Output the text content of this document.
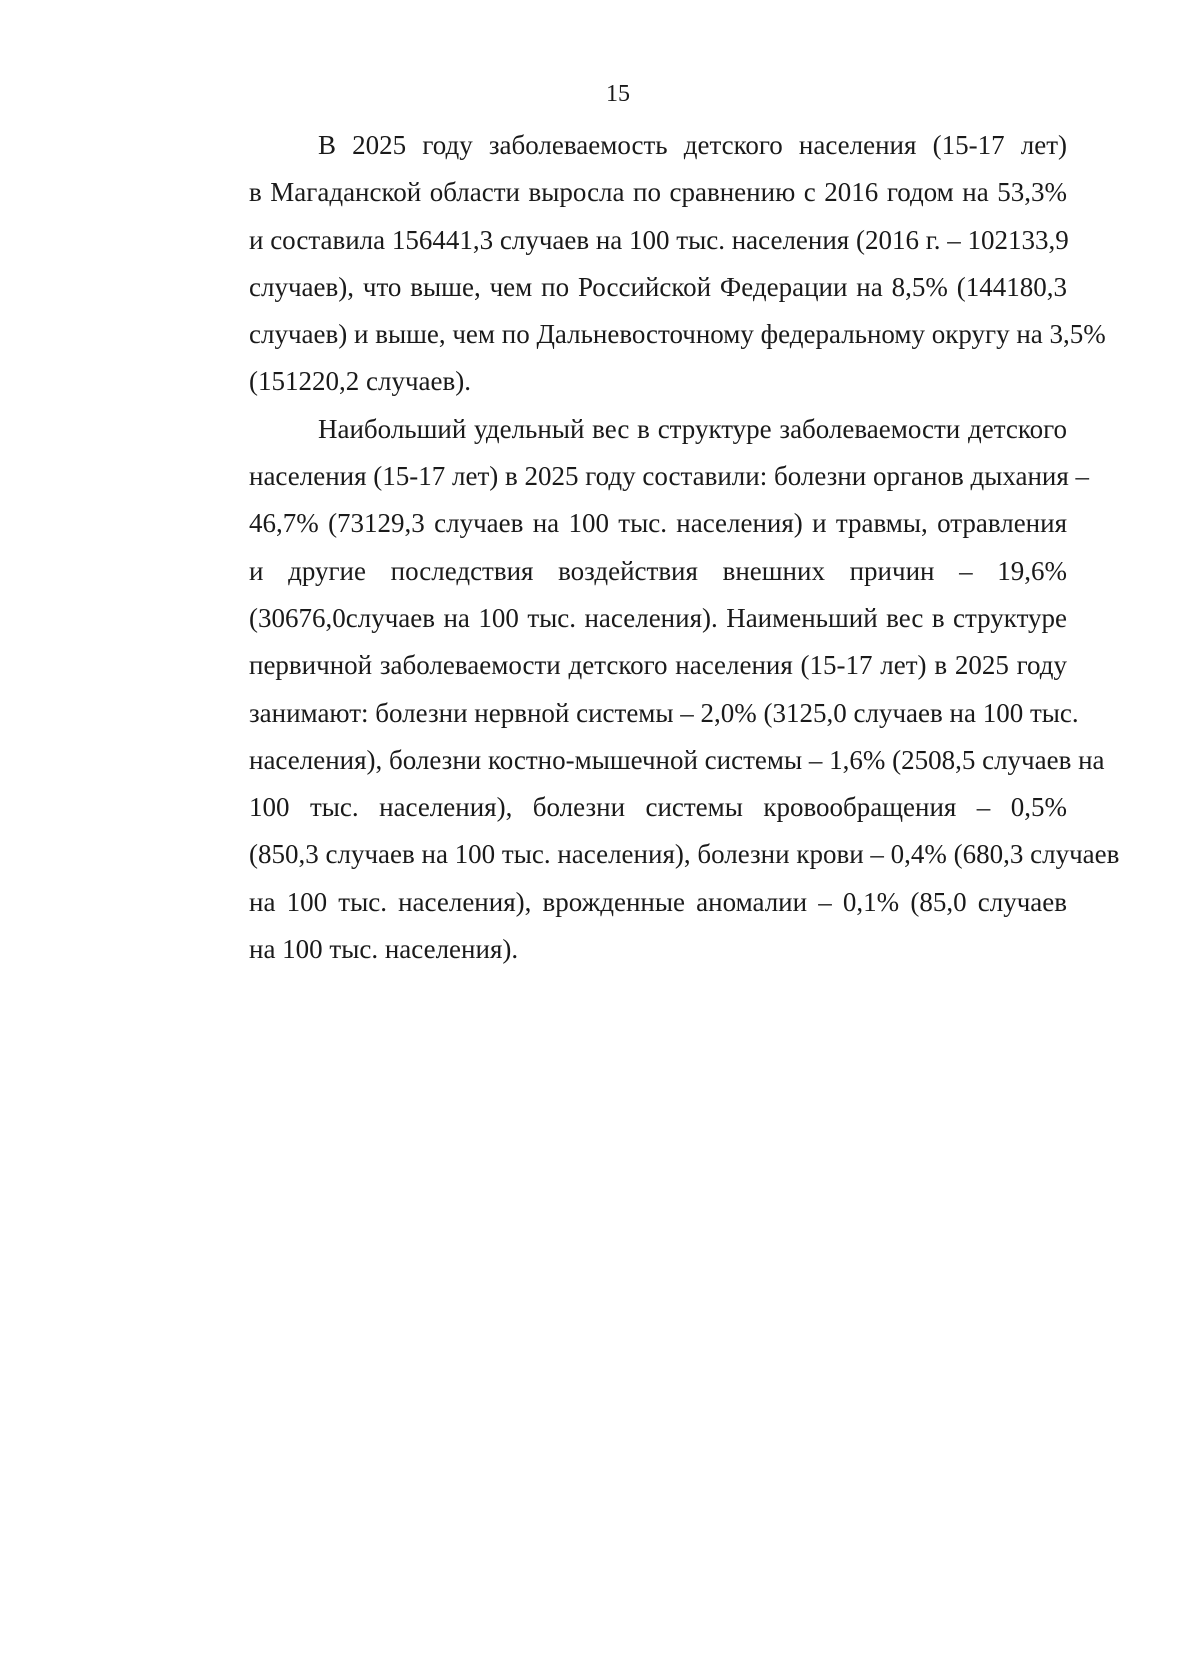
15
В 2025 году заболеваемость детского населения (15-17 лет)
в Магаданской области выросла по сравнению с 2016 годом на 53,3%
и составила 156441,3 случаев на 100 тыс. населения (2016 г. – 102133,9
случаев), что выше, чем по Российской Федерации на 8,5% (144180,3
случаев) и выше, чем по Дальневосточному федеральному округу на 3,5%
(151220,2 случаев).
Наибольший удельный вес в структуре заболеваемости детского
населения (15-17 лет) в 2025 году составили: болезни органов дыхания –
46,7% (73129,3 случаев на 100 тыс. населения) и травмы, отравления
и другие последствия воздействия внешних причин – 19,6%
(30676,0случаев на 100 тыс. населения). Наименьший вес в структуре
первичной заболеваемости детского населения (15-17 лет) в 2025 году
занимают: болезни нервной системы – 2,0% (3125,0 случаев на 100 тыс.
населения), болезни костно-мышечной системы – 1,6% (2508,5 случаев на
100 тыс. населения), болезни системы кровообращения – 0,5%
(850,3 случаев на 100 тыс. населения), болезни крови – 0,4% (680,3 случаев
на 100 тыс. населения), врожденные аномалии – 0,1% (85,0 случаев
на 100 тыс. населения).
